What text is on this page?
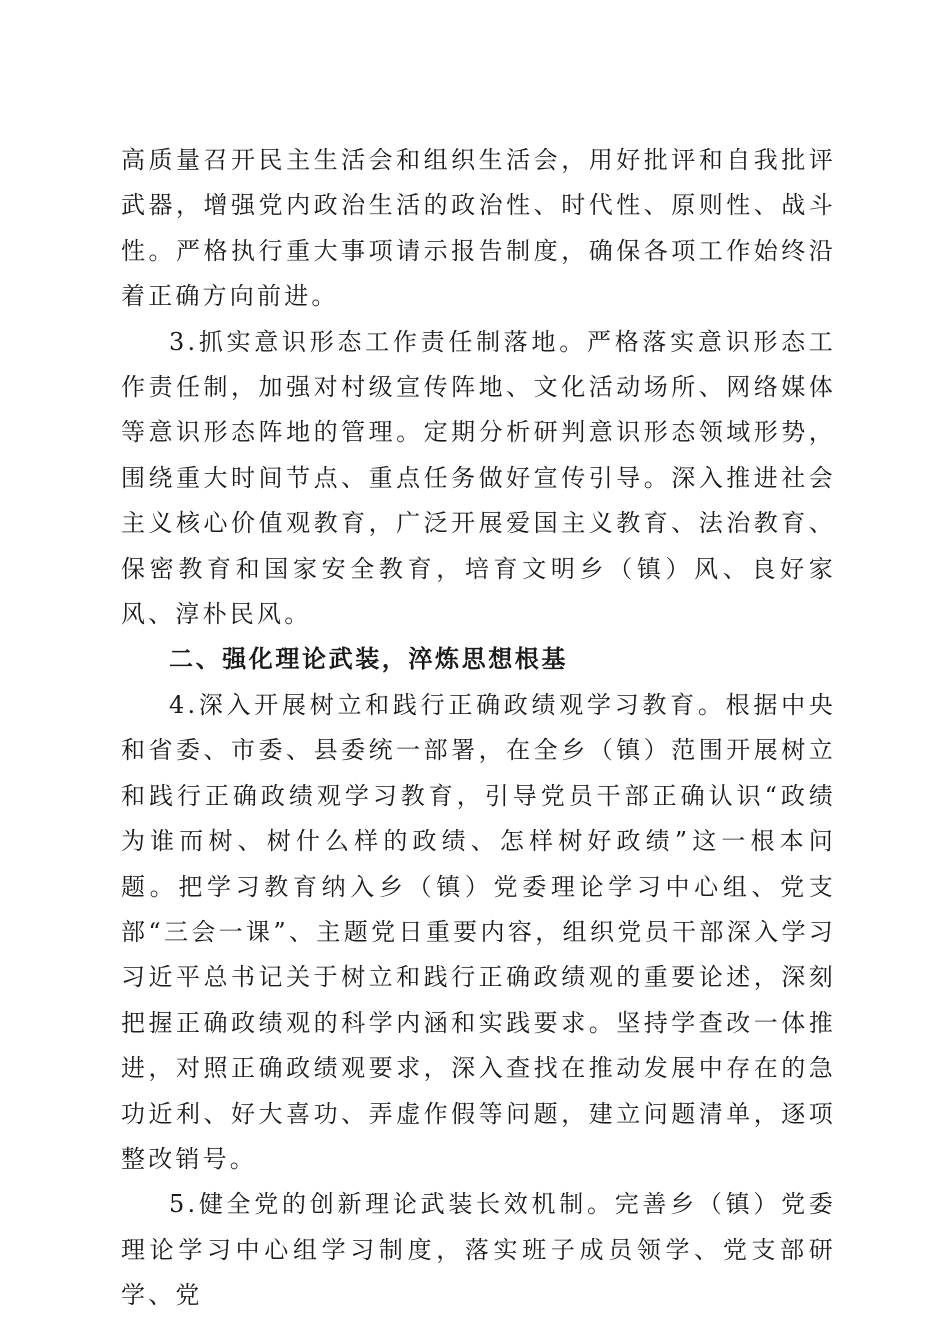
高质量召开民主生活会和组织生活会，用好批评和自我批评武器，增强党内政治生活的政治性、时代性、原则性、战斗性。严格执行重大事项请示报告制度，确保各项工作始终沿着正确方向前进。

3.抓实意识形态工作责任制落地。严格落实意识形态工作责任制，加强对村级宣传阵地、文化活动场所、网络媒体等意识形态阵地的管理。定期分析研判意识形态领域形势，围绕重大时间节点、重点任务做好宣传引导。深入推进社会主义核心价值观教育，广泛开展爱国主义教育、法治教育、保密教育和国家安全教育，培育文明乡（镇）风、良好家风、淳朴民风。

二、强化理论武装，淬炼思想根基

4.深入开展树立和践行正确政绩观学习教育。根据中央和省委、市委、县委统一部署，在全乡（镇）范围开展树立和践行正确政绩观学习教育，引导党员干部正确认识“政绩为谁而树、树什么样的政绩、怎样树好政绩”这一根本问题。把学习教育纳入乡（镇）党委理论学习中心组、党支部“三会一课”、主题党日重要内容，组织党员干部深入学习习近平总书记关于树立和践行正确政绩观的重要论述，深刻把握正确政绩观的科学内涵和实践要求。坚持学查改一体推进，对照正确政绩观要求，深入查找在推动发展中存在的急功近利、好大喜功、弄虚作假等问题，建立问题清单，逐项整改销号。

5.健全党的创新理论武装长效机制。完善乡（镇）党委理论学习中心组学习制度，落实班子成员领学、党支部研学、党
